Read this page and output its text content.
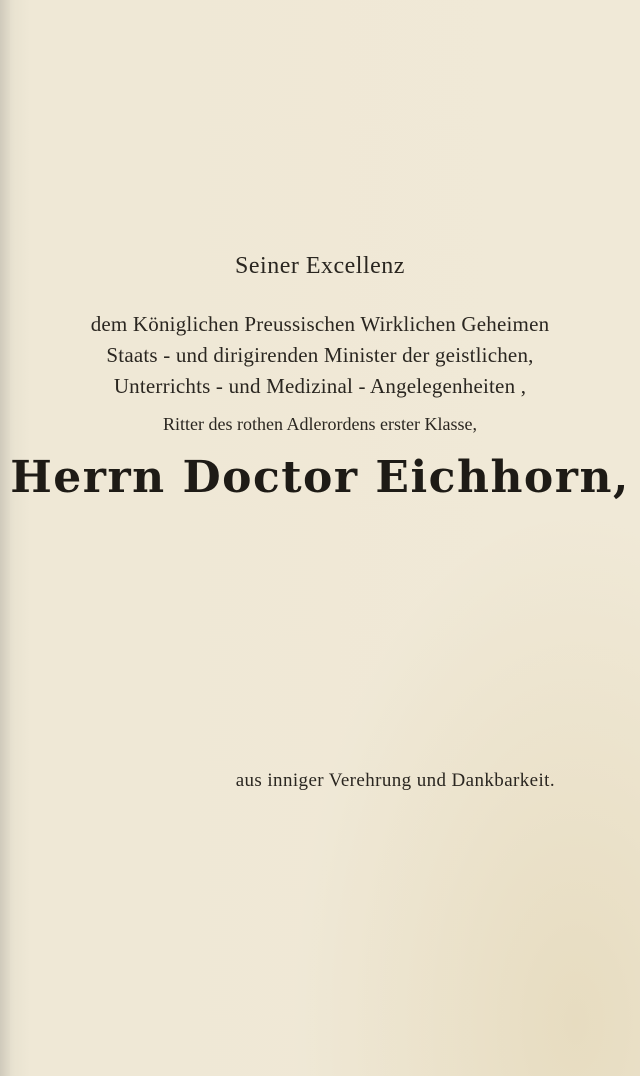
Seiner Excellenz
dem Königlichen Preussischen Wirklichen Geheimen
Staats - und dirigirenden Minister der geistlichen,
Unterrichts - und Medizinal - Angelegenheiten ,
Ritter des rothen Adlerordens erster Klasse,
Herrn Doctor Eichhorn,
aus inniger Verehrung und Dankbarkeit.
